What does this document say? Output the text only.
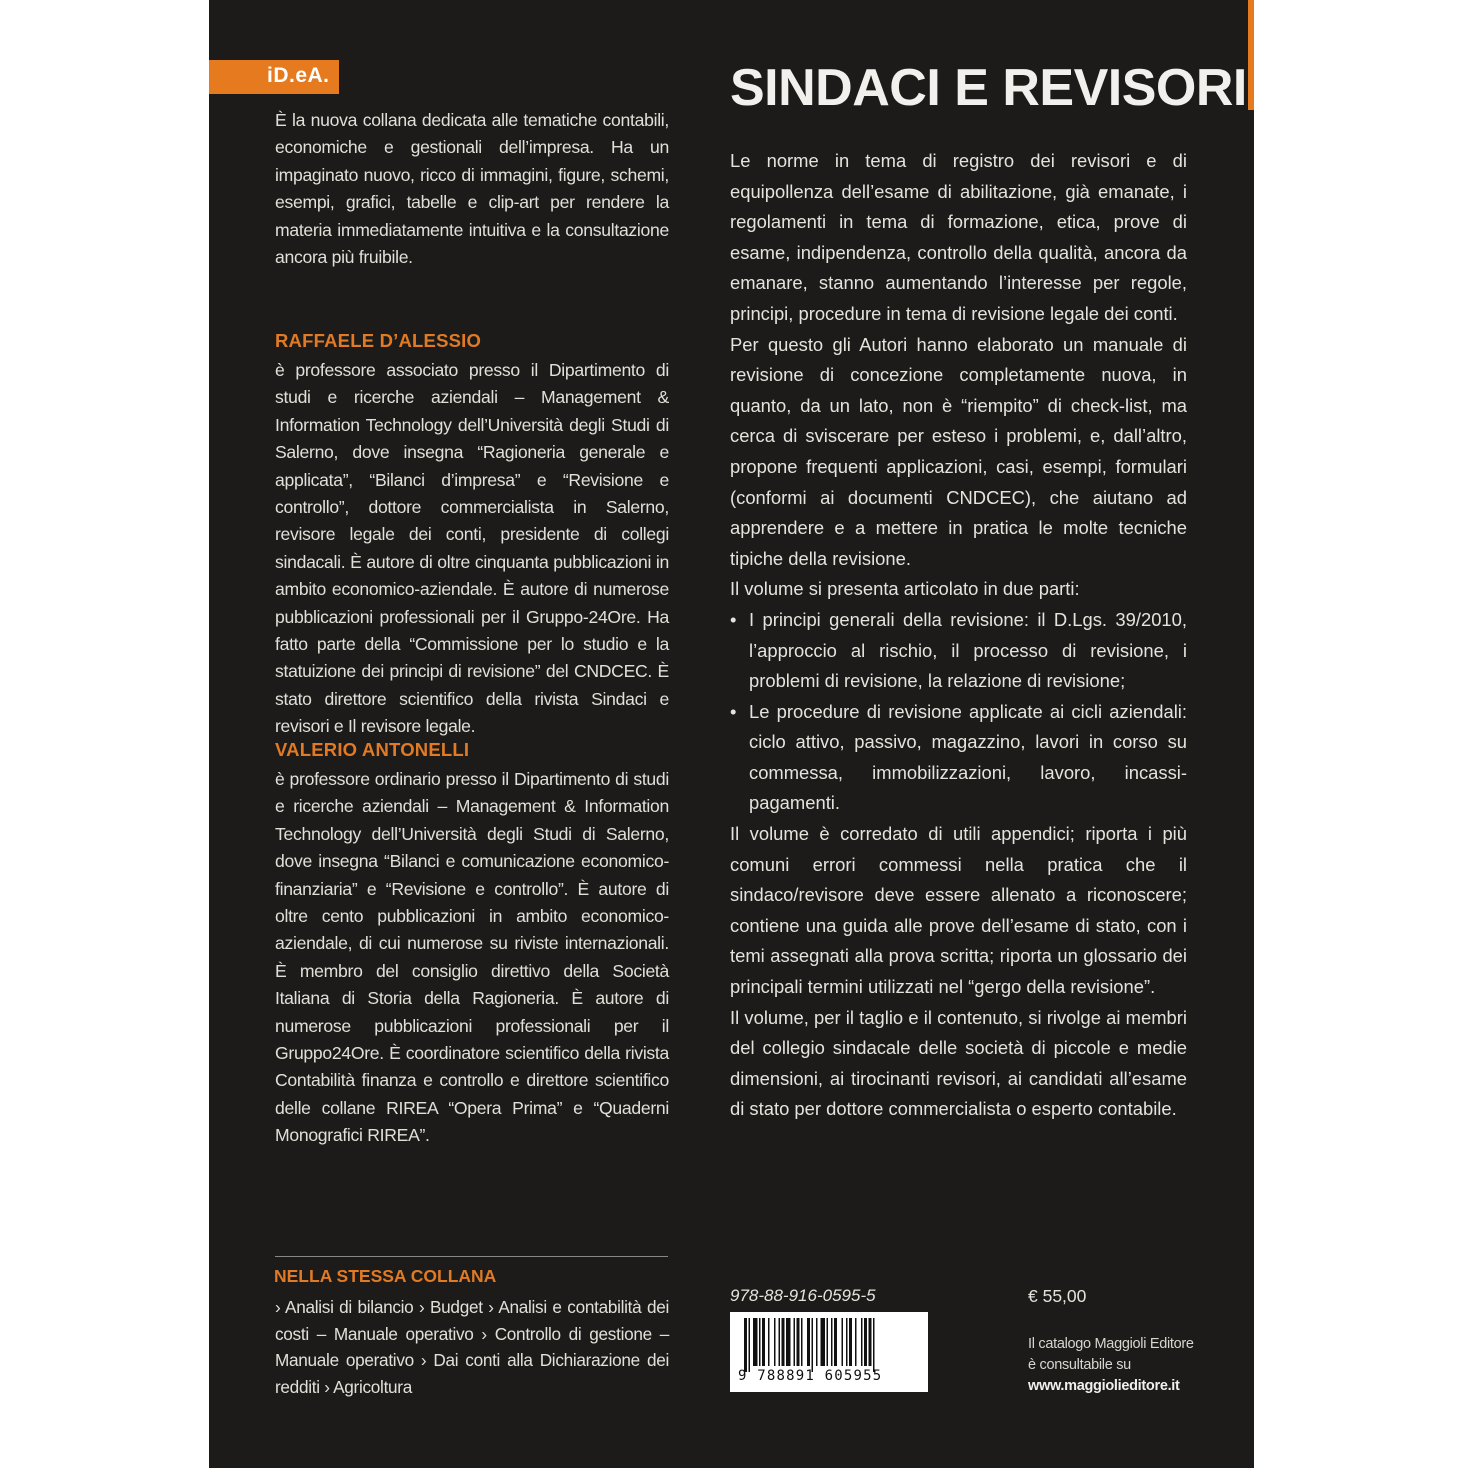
iD.eA.
È la nuova collana dedicata alle tematiche contabili, economiche e gestionali dell’impresa. Ha un impaginato nuovo, ricco di immagini, figure, schemi, esempi, grafici, tabelle e clip-art per rendere la materia immediatamente intuitiva e la consultazione ancora più fruibile.
RAFFAELE D’ALESSIO
è professore associato presso il Dipartimento di studi e ricerche aziendali – Management & Information Technology dell’Università degli Studi di Salerno, dove insegna “Ragioneria generale e applicata”, “Bilanci d’impresa” e “Revisione e controllo”, dottore commercialista in Salerno, revisore legale dei conti, presidente di collegi sindacali. È autore di oltre cinquanta pubblicazioni in ambito economico-aziendale. È autore di numerose pubblicazioni professionali per il Gruppo-24Ore. Ha fatto parte della “Commissione per lo studio e la statuizione dei principi di revisione” del CNDCEC. È stato direttore scientifico della rivista Sindaci e revisori e Il revisore legale.
VALERIO ANTONELLI
è professore ordinario presso il Dipartimento di studi e ricerche aziendali – Management & Information Technology dell’Università degli Studi di Salerno, dove insegna “Bilanci e comunicazione economico-finanziaria” e “Revisione e controllo”. È autore di oltre cento pubblicazioni in ambito economico-aziendale, di cui numerose su riviste internazionali. È membro del consiglio direttivo della Società Italiana di Storia della Ragioneria. È autore di numerose pubblicazioni professionali per il Gruppo24Ore. È coordinatore scientifico della rivista Contabilità finanza e controllo e direttore scientifico delle collane RIREA “Opera Prima” e “Quaderni Monografici RIREA”.
NELLA STESSA COLLANA
› Analisi di bilancio › Budget › Analisi e contabilità dei costi – Manuale operativo › Controllo di gestione – Manuale operativo › Dai conti alla Dichiarazione dei redditi › Agricoltura
SINDACI E REVISORI

Le norme in tema di registro dei revisori e di equipollenza dell’esame di abilitazione, già emanate, i regolamenti in tema di formazione, etica, prove di esame, indipendenza, controllo della qualità, ancora da emanare, stanno aumentando l’interesse per regole, principi, procedure in tema di revisione legale dei conti.

Per questo gli Autori hanno elaborato un manuale di revisione di concezione completamente nuova, in quanto, da un lato, non è “riempito” di check-list, ma cerca di sviscerare per esteso i problemi, e, dall’altro, propone frequenti applicazioni, casi, esempi, formulari (conformi ai documenti CNDCEC), che aiutano ad apprendere e a mettere in pratica le molte tecniche tipiche della revisione.

Il volume si presenta articolato in due parti:

• I principi generali della revisione: il D.Lgs. 39/2010, l’approccio al rischio, il processo di revisione, i problemi di revisione, la relazione di revisione;
• Le procedure di revisione applicate ai cicli aziendali: ciclo attivo, passivo, magazzino, lavori in corso su commessa, immobilizzazioni, lavoro, incassi-pagamenti.

Il volume è corredato di utili appendici; riporta i più comuni errori commessi nella pratica che il sindaco/revisore deve essere allenato a riconoscere; contiene una guida alle prove dell’esame di stato, con i temi assegnati alla prova scritta; riporta un glossario dei principali termini utilizzati nel “gergo della revisione”.

Il volume, per il taglio e il contenuto, si rivolge ai membri del collegio sindacale delle società di piccole e medie dimensioni, ai tirocinanti revisori, ai candidati all’esame di stato per dottore commercialista o esperto contabile.

978-88-916-0595-5	€ 55,00
9 788891 605955
Il catalogo Maggioli Editore
è consultabile su
www.maggiolieditore.it
